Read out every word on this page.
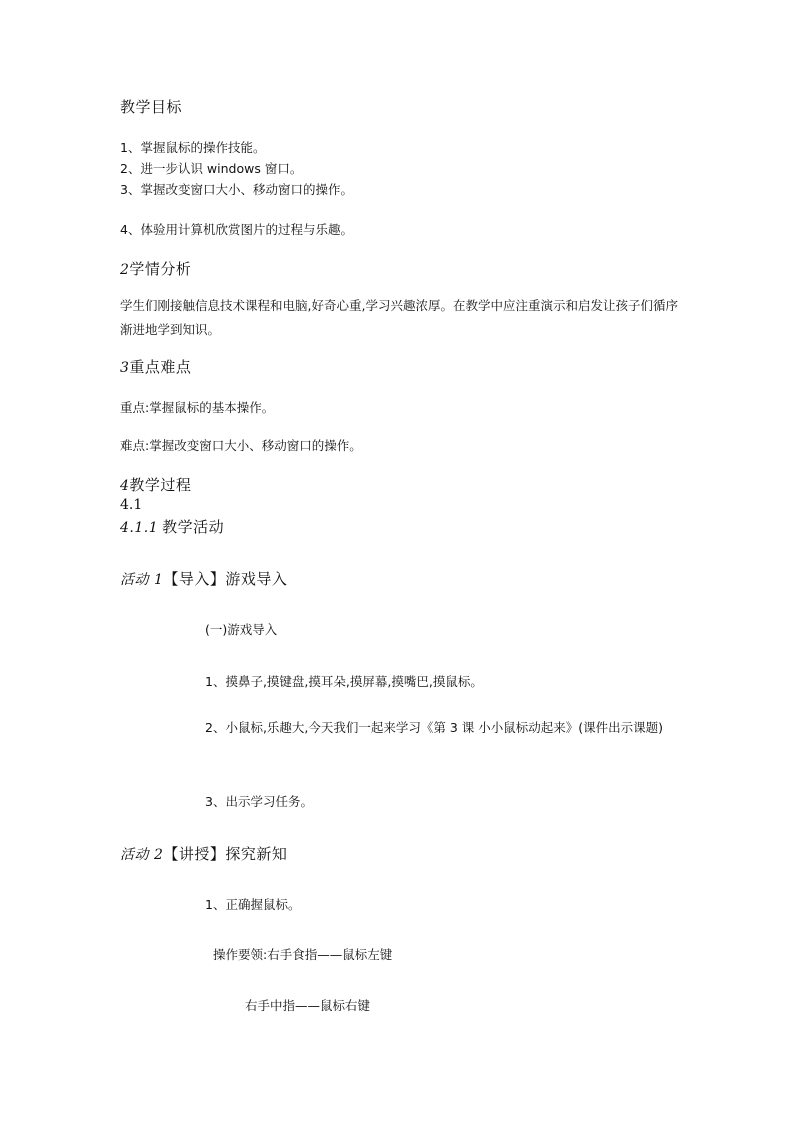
教学目标
1、掌握鼠标的操作技能。
2、进一步认识 windows 窗口。
3、掌握改变窗口大小、移动窗口的操作。
4、体验用计算机欣赏图片的过程与乐趣。
2学情分析
学生们刚接触信息技术课程和电脑,好奇心重,学习兴趣浓厚。在教学中应注重演示和启发让孩子们循序渐进地学到知识。
3重点难点
重点:掌握鼠标的基本操作。
难点:掌握改变窗口大小、移动窗口的操作。
4教学过程
4.1
4.1.1 教学活动
活动 1【导入】游戏导入
(一)游戏导入
1、摸鼻子,摸键盘,摸耳朵,摸屏幕,摸嘴巴,摸鼠标。
2、小鼠标,乐趣大,今天我们一起来学习《第 3 课 小小鼠标动起来》(课件出示课题)
3、出示学习任务。
活动 2【讲授】探究新知
1、正确握鼠标。
操作要领:右手食指——鼠标左键
右手中指——鼠标右键
